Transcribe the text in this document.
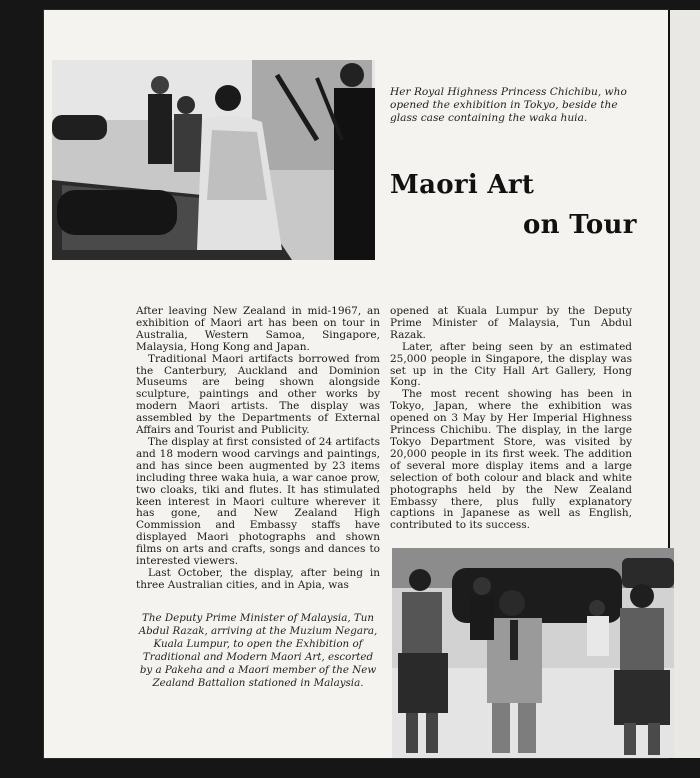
Her Royal Highness Princess Chichibu, who opened the exhibition in Tokyo, beside the glass case containing the waka huia.
Maori Art
on Tour

After leaving New Zealand in mid-1967, an exhibition of Maori art has been on tour in Australia, Western Samoa, Singapore, Malaysia, Hong Kong and Japan.

Traditional Maori artifacts borrowed from the Canterbury, Auckland and Dominion Museums are being shown alongside sculpture, paintings and other works by modern Maori artists. The display was assembled by the Departments of External Affairs and Tourist and Publicity.

The display at first consisted of 24 artifacts and 18 modern wood carvings and paintings, and has since been augmented by 23 items including three waka huia, a war canoe prow, two cloaks, tiki and flutes. It has stimulated keen interest in Maori culture wherever it has gone, and New Zealand High Commission and Embassy staffs have displayed Maori photographs and shown films on arts and crafts, songs and dances to interested viewers.

Last October, the display, after being in three Australian cities, and in Apia, was

opened at Kuala Lumpur by the Deputy Prime Minister of Malaysia, Tun Abdul Razak.

Later, after being seen by an estimated 25,000 people in Singapore, the display was set up in the City Hall Art Gallery, Hong Kong.

The most recent showing has been in Tokyo, Japan, where the exhibition was opened on 3 May by Her Imperial Highness Princess Chichibu. The display, in the large Tokyo Department Store, was visited by 20,000 people in its first week. The addition of several more display items and a large selection of both colour and black and white photographs held by the New Zealand Embassy there, plus fully explanatory captions in Japanese as well as English, contributed to its success.

The Deputy Prime Minister of Malaysia, Tun Abdul Razak, arriving at the Muzium Negara, Kuala Lumpur, to open the Exhibition of Traditional and Modern Maori Art, escorted by a Pakeha and a Maori member of the New Zealand Battalion stationed in Malaysia.
